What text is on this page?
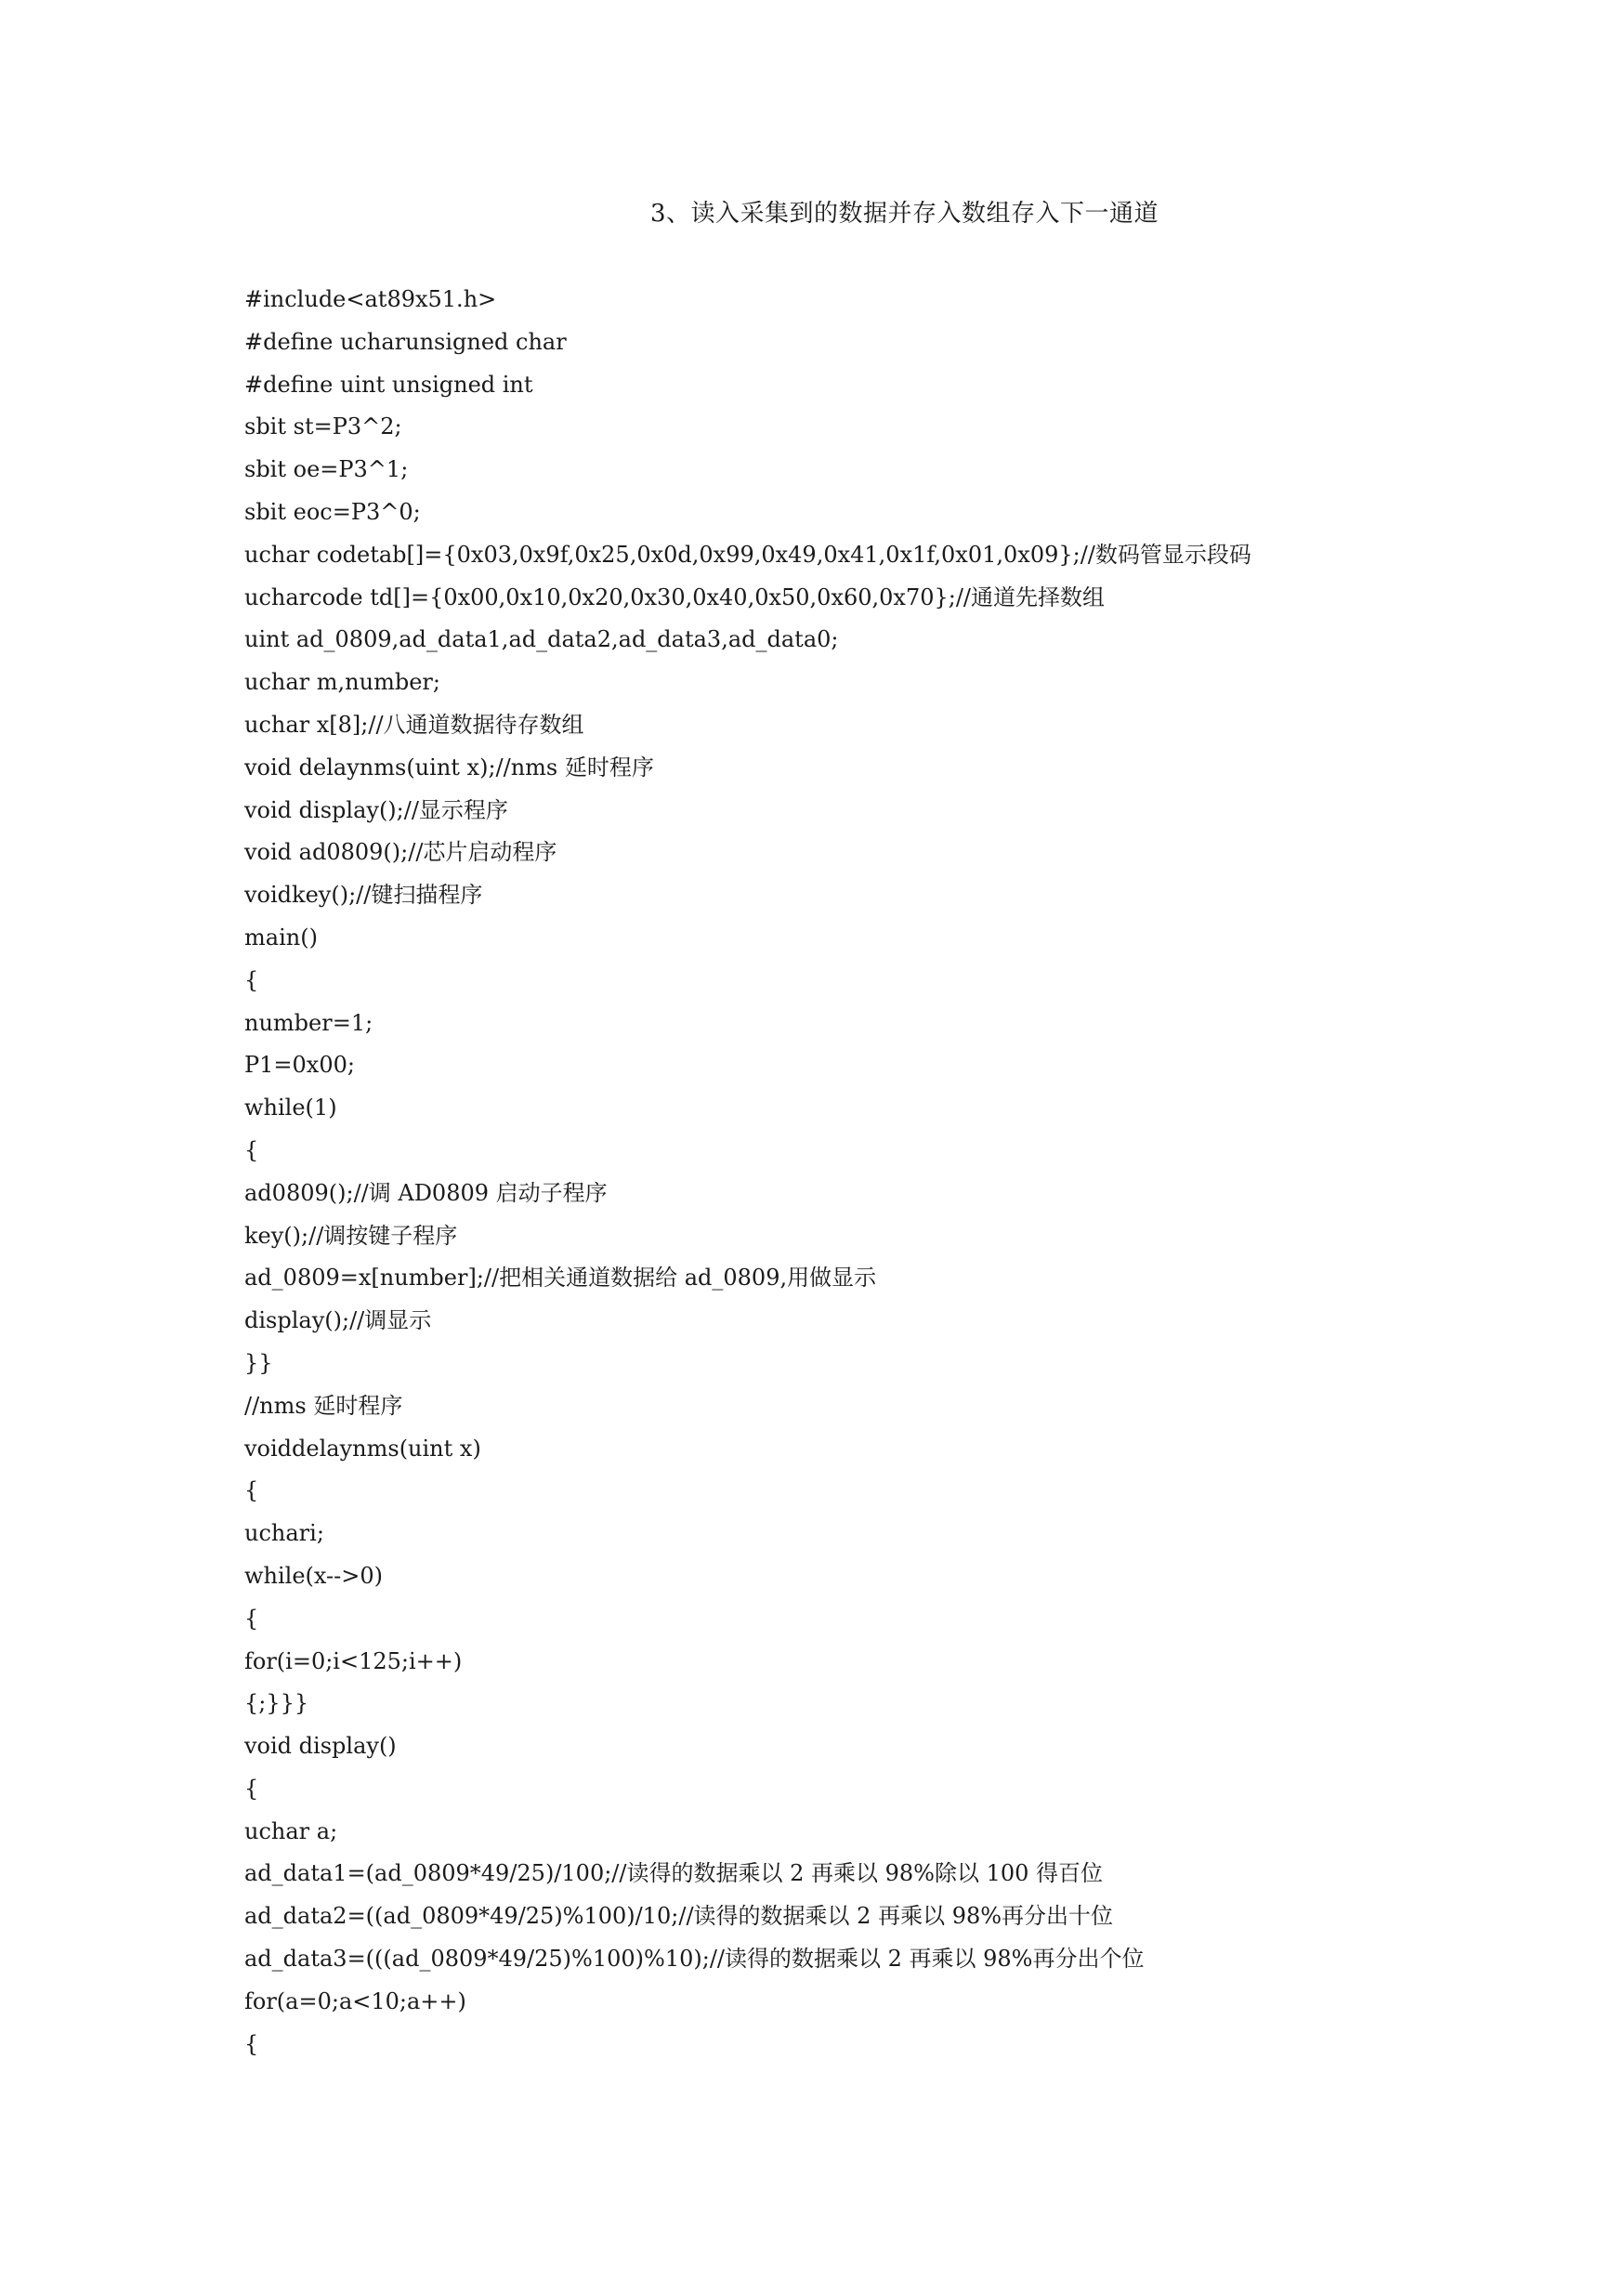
3、读入采集到的数据并存入数组存入下一通道
#include<at89x51.h>
#define ucharunsigned char
#define uint unsigned int
sbit st=P3^2;
sbit oe=P3^1;
sbit eoc=P3^0;
uchar codetab[]={0x03,0x9f,0x25,0x0d,0x99,0x49,0x41,0x1f,0x01,0x09};//数码管显示段码
ucharcode td[]={0x00,0x10,0x20,0x30,0x40,0x50,0x60,0x70};//通道先择数组
uint ad_0809,ad_data1,ad_data2,ad_data3,ad_data0;
uchar m,number;
uchar x[8];//八通道数据待存数组
void delaynms(uint x);//nms 延时程序
void display();//显示程序
void ad0809();//芯片启动程序
voidkey();//键扫描程序
main()
{
number=1;
P1=0x00;
while(1)
{
ad0809();//调 AD0809 启动子程序
key();//调按键子程序
ad_0809=x[number];//把相关通道数据给 ad_0809,用做显示
display();//调显示
}}
//nms 延时程序
voiddelaynms(uint x)
{
uchari;
while(x-->0)
{
for(i=0;i<125;i++)
{;}}}
void display()
{
uchar a;
ad_data1=(ad_0809*49/25)/100;//读得的数据乘以 2 再乘以 98%除以 100 得百位
ad_data2=((ad_0809*49/25)%100)/10;//读得的数据乘以 2 再乘以 98%再分出十位
ad_data3=(((ad_0809*49/25)%100)%10);//读得的数据乘以 2 再乘以 98%再分出个位
for(a=0;a<10;a++)
{
